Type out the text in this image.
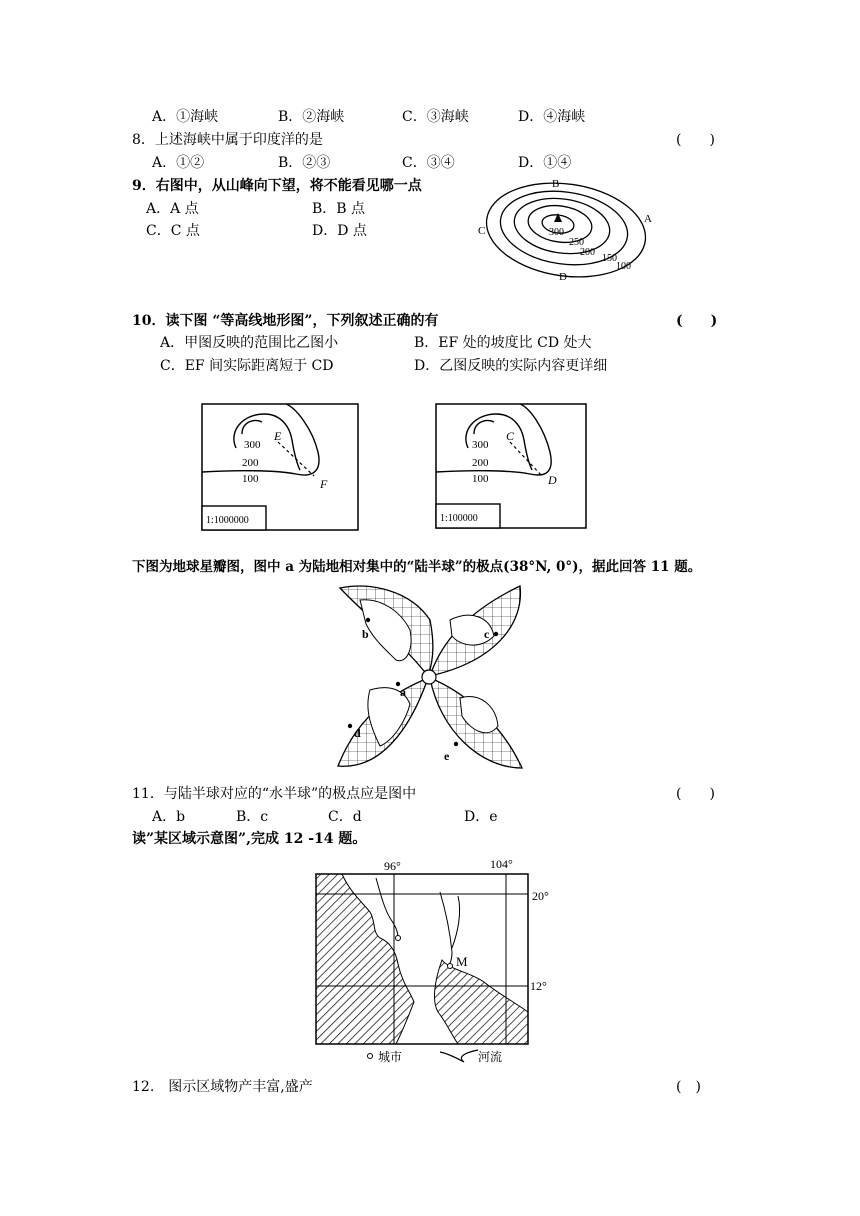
A．①海峡	B．②海峡	C．③海峡	D．④海峡
8．上述海峡中属于印度洋的是	(　　)
A．①②	B．②③	C．③④	D．①④
9．右图中，从山峰向下望，将不能看见哪一点
A．A 点	B．B 点
C．C 点	D．D 点	300
250
200
150
100
A
B
C
D
10．读下图 “等高线地形图”，下列叙述正确的有	(　　)
A．甲图反映的范围比乙图小	B．EF 处的坡度比 CD 处大
C．EF 间实际距离短于 CD	D．乙图反映的实际内容更详细
300
200
100
E
F
1:1000000
300
200
100
C
D
1:100000
下图为地球星瓣图，图中 a 为陆地相对集中的“陆半球”的极点(38°N, 0°)，据此回答 11 题。
a
b	c
d
e
11．与陆半球对应的“水半球”的极点应是图中	(　　)
A．b	B．c	C．d	D．e
读”某区域示意图”,完成 12 -14 题。
96°	104°
20°
12°
M
城市	河流
12.　图示区域物产丰富,盛产	(　)
